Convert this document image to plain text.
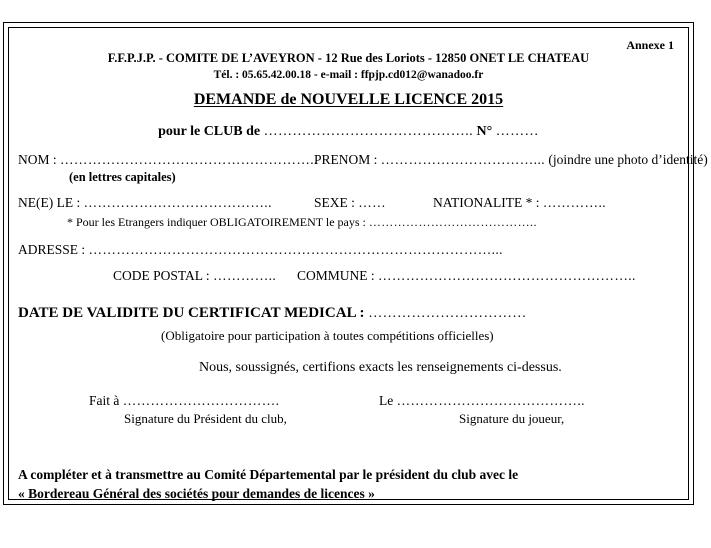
Annexe 1
F.F.P.J.P. - COMITE DE L’AVEYRON - 12 Rue des Loriots - 12850 ONET LE CHATEAU
Tél. : 05.65.42.00.18 - e-mail : ffpjp.cd012@wanadoo.fr
DEMANDE de NOUVELLE LICENCE 2015
pour le CLUB de …………………………………….. N° ………
NOM : ………………………………………………..
PRENOM : ……………………………... (joindre une photo d’identité)
(en lettres capitales)
NE(E) LE : …………………………………..	SEXE : ……	NATIONALITE * : …………..
* Pour les Etrangers indiquer OBLIGATOIREMENT le pays : …………………………………..
ADRESSE : ……………………………………………………………………………...
CODE POSTAL : ………….. COMMUNE : ………………………………………………..
DATE DE VALIDITE DU CERTIFICAT MEDICAL : ……………………………
(Obligatoire pour participation à toutes compétitions officielles)
Nous, soussignés, certifions exacts les renseignements ci-dessus.
Fait à …………………………….	Le …………………………………..
Signature du Président du club,	Signature du joueur,
A compléter et à transmettre au Comité Départemental par le président du club avec le
« Bordereau Général des sociétés pour demandes de licences »
